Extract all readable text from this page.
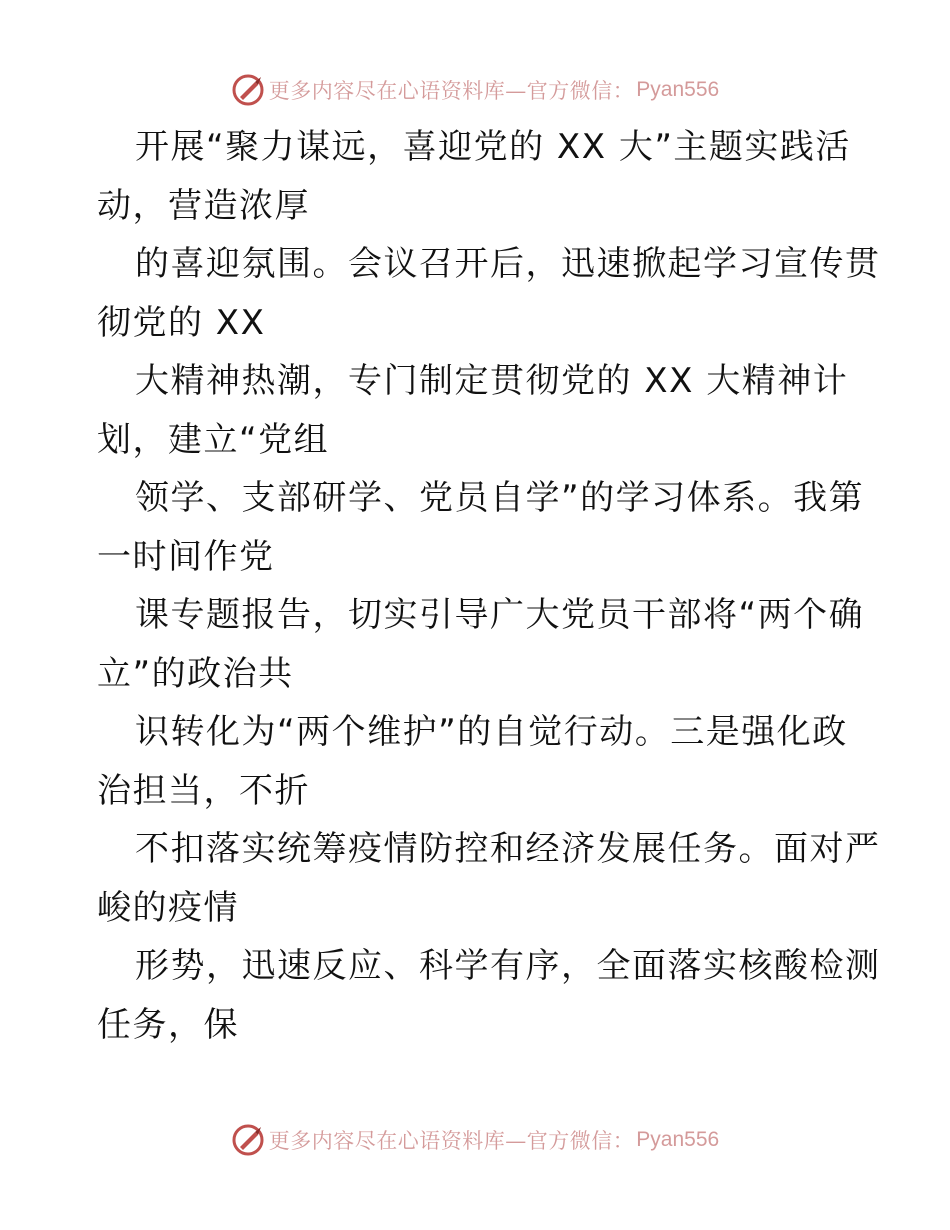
更多内容尽在心语资料库—官方微信： Pyan556
开展“聚力谋远，喜迎党的 XX 大”主题实践活
动，营造浓厚
的喜迎氛围。会议召开后，迅速掀起学习宣传贯
彻党的 XX
大精神热潮，专门制定贯彻党的 XX 大精神计
划，建立“党组
领学、支部研学、党员自学”的学习体系。我第
一时间作党
课专题报告，切实引导广大党员干部将“两个确
立”的政治共
识转化为“两个维护”的自觉行动。三是强化政
治担当，不折
不扣落实统筹疫情防控和经济发展任务。面对严
峻的疫情
形势，迅速反应、科学有序，全面落实核酸检测
任务，保
更多内容尽在心语资料库—官方微信： Pyan556
